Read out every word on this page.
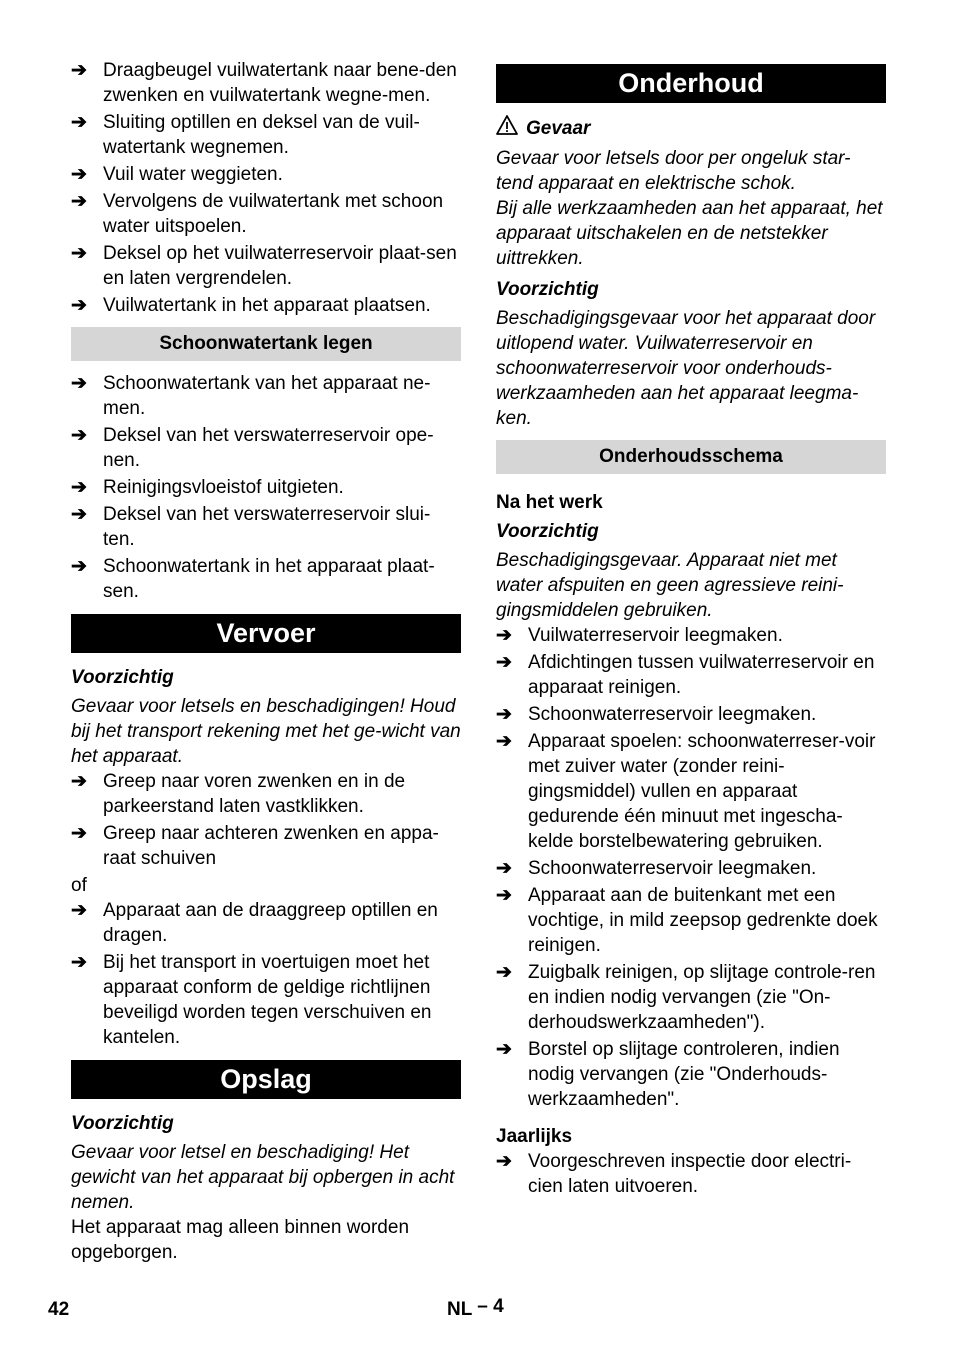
➔ Draagbeugel vuilwatertank naar bene-den zwenken en vuilwatertank wegne-men.
➔ Sluiting optillen en deksel van de vuil-watertank wegnemen.
➔ Vuil water weggieten.
➔ Vervolgens de vuilwatertank met schoon water uitspoelen.
➔ Deksel op het vuilwaterreservoir plaat-sen en laten vergrendelen.
➔ Vuilwatertank in het apparaat plaatsen.
Schoonwatertank legen
➔ Schoonwatertank van het apparaat ne-men.
➔ Deksel van het verswaterreservoir ope-nen.
➔ Reinigingsvloeistof uitgieten.
➔ Deksel van het verswaterreservoir slui-ten.
➔ Schoonwatertank in het apparaat plaat-sen.
Vervoer
Voorzichtig
Gevaar voor letsels en beschadigingen! Houd bij het transport rekening met het ge-wicht van het apparaat.
➔ Greep naar voren zwenken en in de parkeerstand laten vastklikken.
➔ Greep naar achteren zwenken en appa-raat schuiven
of
➔ Apparaat aan de draaggreep optillen en dragen.
➔ Bij het transport in voertuigen moet het apparaat conform de geldige richtlijnen beveiligd worden tegen verschuiven en kantelen.
Opslag
Voorzichtig
Gevaar voor letsel en beschadiging! Het gewicht van het apparaat bij opbergen in acht nemen.
Het apparaat mag alleen binnen worden opgeborgen.
Onderhoud
Gevaar
Gevaar voor letsels door per ongeluk star-tend apparaat en elektrische schok.
Bij alle werkzaamheden aan het apparaat, het apparaat uitschakelen en de netstekker uittrekken.
Voorzichtig
Beschadigingsgevaar voor het apparaat door uitlopend water. Vuilwaterreservoir en schoonwaterreservoir voor onderhouds-werkzaamheden aan het apparaat leegma-ken.
Onderhoudsschema
Na het werk
Voorzichtig
Beschadigingsgevaar. Apparaat niet met water afspuiten en geen agressieve reini-gingsmiddelen gebruiken.
➔ Vuilwaterreservoir leegmaken.
➔ Afdichtingen tussen vuilwaterreservoir en apparaat reinigen.
➔ Schoonwaterreservoir leegmaken.
➔ Apparaat spoelen: schoonwaterreser-voir met zuiver water (zonder reini-gingsmiddel) vullen en apparaat gedurende één minuut met ingescha-kelde borstelbewatering gebruiken.
➔ Schoonwaterreservoir leegmaken.
➔ Apparaat aan de buitenkant met een vochtige, in mild zeepsop gedrenkte doek reinigen.
➔ Zuigbalk reinigen, op slijtage controle-ren en indien nodig vervangen (zie "On-derhoudswerkzaamheden").
➔ Borstel op slijtage controleren, indien nodig vervangen (zie "Onderhouds-werkzaamheden".
Jaarlijks
➔ Voorgeschreven inspectie door electri-cien laten uitvoeren.
42	NL – 4
